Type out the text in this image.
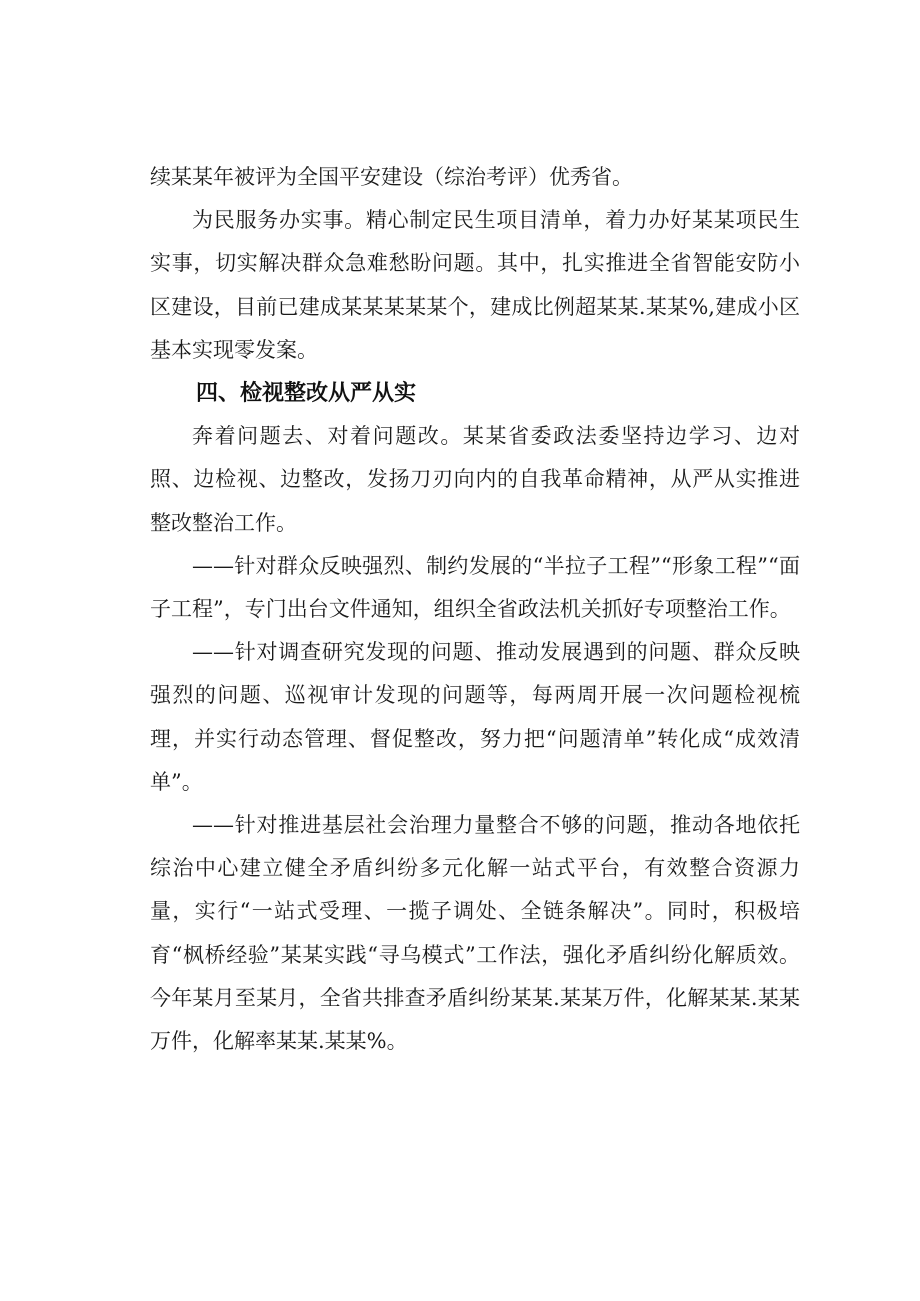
续某某年被评为全国平安建设（综治考评）优秀省。

为民服务办实事。精心制定民生项目清单，着力办好某某项民生实事，切实解决群众急难愁盼问题。其中，扎实推进全省智能安防小区建设，目前已建成某某某某某个，建成比例超某某.某某%,建成小区基本实现零发案。

四、检视整改从严从实

奔着问题去、对着问题改。某某省委政法委坚持边学习、边对照、边检视、边整改，发扬刀刃向内的自我革命精神，从严从实推进整改整治工作。

——针对群众反映强烈、制约发展的“半拉子工程”“形象工程”“面子工程”，专门出台文件通知，组织全省政法机关抓好专项整治工作。

——针对调查研究发现的问题、推动发展遇到的问题、群众反映强烈的问题、巡视审计发现的问题等，每两周开展一次问题检视梳理，并实行动态管理、督促整改，努力把“问题清单”转化成“成效清单”。

——针对推进基层社会治理力量整合不够的问题，推动各地依托综治中心建立健全矛盾纠纷多元化解一站式平台，有效整合资源力量，实行“一站式受理、一揽子调处、全链条解决”。同时，积极培育“枫桥经验”某某实践“寻乌模式”工作法，强化矛盾纠纷化解质效。今年某月至某月，全省共排查矛盾纠纷某某.某某万件，化解某某.某某万件，化解率某某.某某%。
